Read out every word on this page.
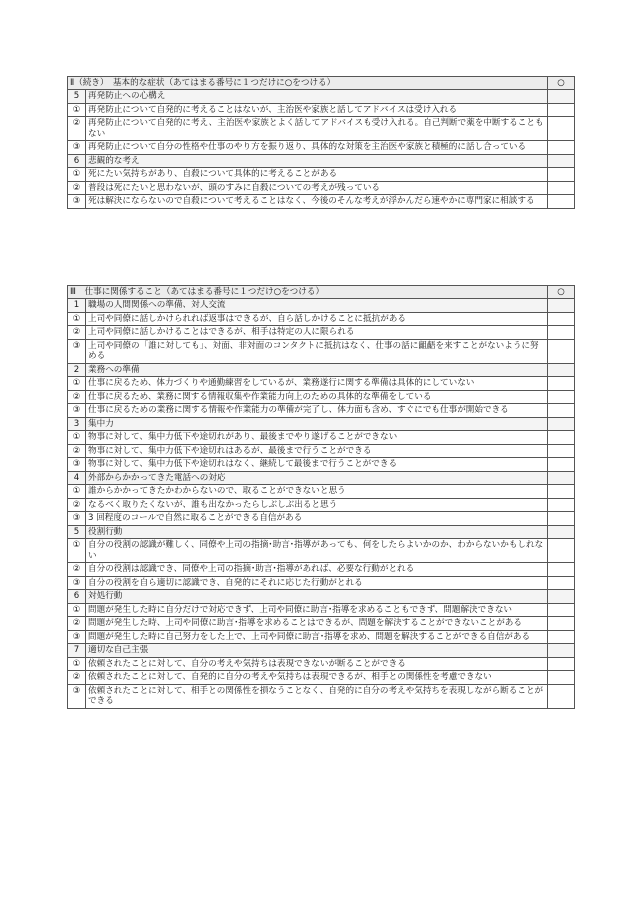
Ⅱ（続き）　基本的な症状（あてはまる番号に１つだけに○をつける）		○
5	再発防止への心構え	
①	再発防止について自発的に考えることはないが、主治医や家族と話してアドバイスは受け入れる	
②	再発防止について自発的に考え、主治医や家族とよく話してアドバイスも受け入れる。自己判断で薬を中断することもない	
③	再発防止について自分の性格や仕事のやり方を振り返り、具体的な対策を主治医や家族と積極的に話し合っている	
6	悲観的な考え	
①	死にたい気持ちがあり、自殺について具体的に考えることがある	
②	普段は死にたいと思わないが、頭のすみに自殺についての考えが残っている	
③	死は解決にならないので自殺について考えることはなく、今後のそんな考えが浮かんだら速やかに専門家に相談する	
Ⅲ　仕事に関係すること（あてはまる番号に１つだけ○をつける）		○
1	職場の人間関係への準備、対人交流	
①	上司や同僚に話しかけられれば返事はできるが、自ら話しかけることに抵抗がある	
②	上司や同僚に話しかけることはできるが、相手は特定の人に限られる	
③	上司や同僚の「誰に対しても」、対面、非対面のコンタクトに抵抗はなく、仕事の話に齟齬を来すことがないように努める	
2	業務への準備	
①	仕事に戻るため、体力づくりや通勤練習をしているが、業務遂行に関する準備は具体的にしていない	
②	仕事に戻るため、業務に関する情報収集や作業能力向上のための具体的な準備をしている	
③	仕事に戻るための業務に関する情報や作業能力の準備が完了し、体力面も含め、すぐにでも仕事が開始できる	
3	集中力	
①	物事に対して、集中力低下や途切れがあり、最後までやり遂げることができない	
②	物事に対して、集中力低下や途切れはあるが、最後まで行うことができる	
③	物事に対して、集中力低下や途切れはなく、継続して最後まで行うことができる	
4	外部からかかってきた電話への対応	
①	誰からかかってきたかわからないので、取ることができないと思う	
②	なるべく取りたくないが、誰も出なかったらしぶしぶ出ると思う	
③	3 回程度のコールで自然に取ることができる自信がある	
5	役割行動	
①	自分の役割の認識が難しく、同僚や上司の指摘･助言･指導があっても、何をしたらよいかのか、わからないかもしれない	
②	自分の役割は認識でき、同僚や上司の指摘･助言･指導があれば、必要な行動がとれる	
③	自分の役割を自ら適切に認識でき、自発的にそれに応じた行動がとれる	
6	対処行動	
①	問題が発生した時に自分だけで対応できず、上司や同僚に助言･指導を求めることもできず、問題解決できない	
②	問題が発生した時、上司や同僚に助言･指導を求めることはできるが、問題を解決することができないことがある	
③	問題が発生した時に自己努力をした上で、上司や同僚に助言･指導を求め、問題を解決することができる自信がある	
7	適切な自己主張	
①	依頼されたことに対して、自分の考えや気持ちは表現できないが断ることができる	
②	依頼されたことに対して、自発的に自分の考えや気持ちは表現できるが、相手との関係性を考慮できない	
③	依頼されたことに対して、相手との関係性を損なうことなく、自発的に自分の考えや気持ちを表現しながら断ることができる	
